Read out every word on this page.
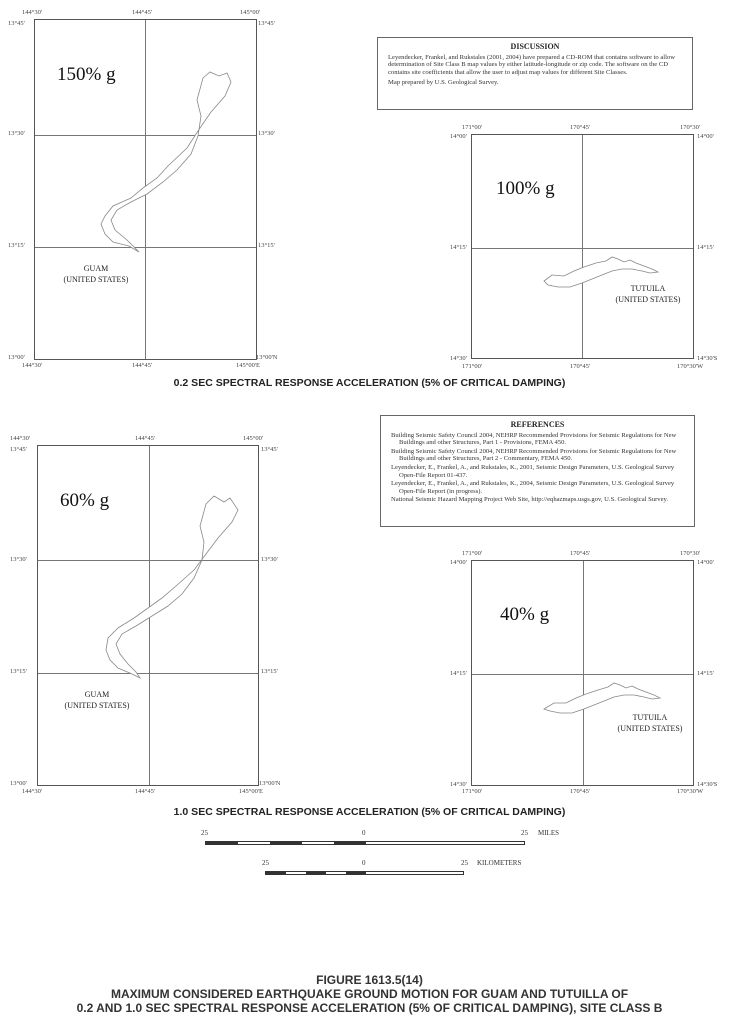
150% g
GUAM
(UNITED STATES)
144°30'	144°45'	145°00'
144°30'	144°45'	145°00'E
13°45'
13°30'
13°15'
13°00'
13°45'
13°30'
13°15'
13°00'N
DISCUSSION

Leyendecker, Frankel, and Rukstales (2001, 2004) have prepared a CD-ROM that contains software to allow determination of Site Class B map values by either latitude-longitude or zip code. The software on the CD contains site coefficients that allow the user to adjust map values for different Site Classes.

Map prepared by U.S. Geological Survey.

100% g
TUTUILA
(UNITED STATES)
171°00'	170°45'	170°30'
171°00'	170°45'	170°30'W
14°00'
14°15'
14°30'
14°00'
14°15'
14°30'S
0.2 SEC SPECTRAL RESPONSE ACCELERATION (5% OF CRITICAL DAMPING)
60% g
GUAM
(UNITED STATES)
144°30'	144°45'	145°00'
144°30'	144°45'	145°00'E
13°45'
13°30'
13°15'
13°00'
13°45'
13°30'
13°15'
13°00'N
REFERENCES

Building Seismic Safety Council 2004, NEHRP Recommended Provisions for Seismic Regulations for New Buildings and other Structures, Part 1 - Provisions, FEMA 450.

Building Seismic Safety Council 2004, NEHRP Recommended Provisions for Seismic Regulations for New Buildings and other Structures, Part 2 - Commentary, FEMA 450.

Leyendecker, E., Frankel, A., and Rukstales, K., 2001, Seismic Design Parameters, U.S. Geological Survey Open-File Report 01-437.

Leyendecker, E., Frankel, A., and Rukstales, K., 2004, Seismic Design Parameters, U.S. Geological Survey Open-File Report (in progress).

National Seismic Hazard Mapping Project Web Site, http://eqhazmaps.usgs.gov, U.S. Geological Survey.

40% g
TUTUILA
(UNITED STATES)
171°00'	170°45'	170°30'
171°00'	170°45'	170°30'W
14°00'
14°15'
14°30'
14°00'
14°15'
14°30'S
1.0 SEC SPECTRAL RESPONSE ACCELERATION (5% OF CRITICAL DAMPING)
25	0	25 MILES
25	0	25 KILOMETERS
FIGURE 1613.5(14)
MAXIMUM CONSIDERED EARTHQUAKE GROUND MOTION FOR GUAM AND TUTUILLA OF
0.2 AND 1.0 SEC SPECTRAL RESPONSE ACCELERATION (5% OF CRITICAL DAMPING), SITE CLASS B
